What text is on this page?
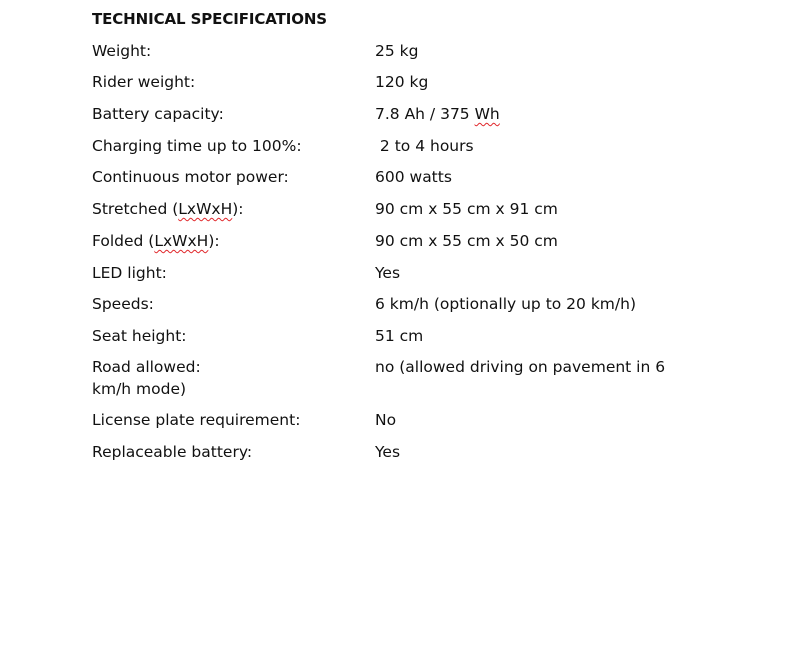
TECHNICAL SPECIFICATIONS
Weight:	25 kg
Rider weight:	120 kg
Battery capacity:	7.8 Ah / 375 Wh
Charging time up to 100%:	2 to 4 hours
Continuous motor power:	600 watts
Stretched (LxWxH):	90 cm x 55 cm x 91 cm
Folded (LxWxH):	90 cm x 55 cm x 50 cm
LED light:	Yes
Speeds:	6 km/h (optionally up to 20 km/h)
Seat height:	51 cm
Road allowed:	no (allowed driving on pavement in 6
km/h mode)
License plate requirement:	No
Replaceable battery:	Yes
